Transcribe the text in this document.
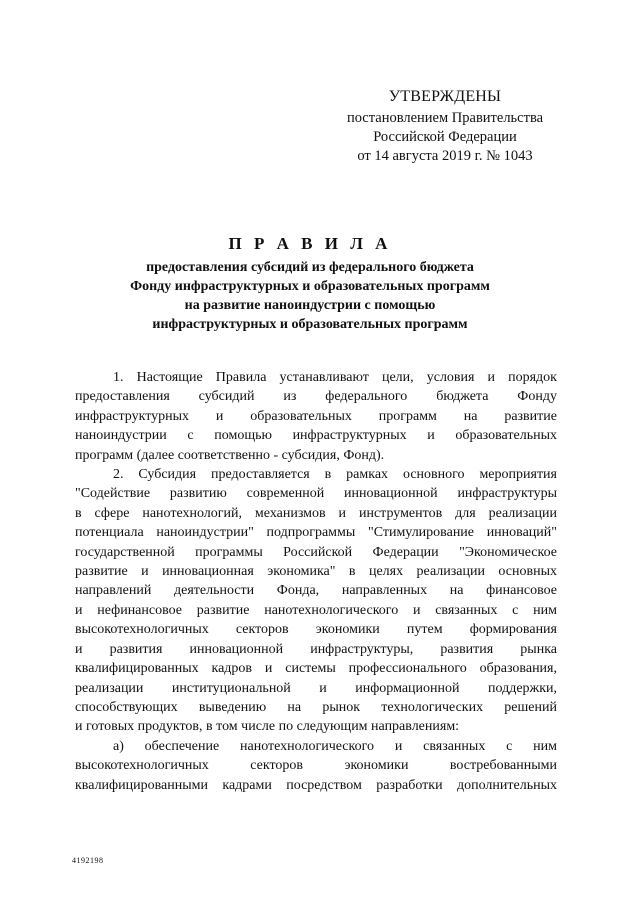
УТВЕРЖДЕНЫ
постановлением Правительства
Российской Федерации
от 14 августа 2019 г. № 1043
П Р А В И Л А
предоставления субсидий из федерального бюджета
Фонду инфраструктурных и образовательных программ
на развитие наноиндустрии с помощью
инфраструктурных и образовательных программ
1. Настоящие Правила устанавливают цели, условия и порядок
предоставления субсидий из федерального бюджета Фонду
инфраструктурных и образовательных программ на развитие
наноиндустрии с помощью инфраструктурных и образовательных
программ (далее соответственно - субсидия, Фонд).
2. Субсидия предоставляется в рамках основного мероприятия
"Содействие развитию современной инновационной инфраструктуры
в сфере нанотехнологий, механизмов и инструментов для реализации
потенциала наноиндустрии" подпрограммы "Стимулирование инноваций"
государственной программы Российской Федерации "Экономическое
развитие и инновационная экономика" в целях реализации основных
направлений деятельности Фонда, направленных на финансовое
и нефинансовое развитие нанотехнологического и связанных с ним
высокотехнологичных секторов экономики путем формирования
и развития инновационной инфраструктуры, развития рынка
квалифицированных кадров и системы профессионального образования,
реализации институциональной и информационной поддержки,
способствующих выведению на рынок технологических решений
и готовых продуктов, в том числе по следующим направлениям:
а) обеспечение нанотехнологического и связанных с ним
высокотехнологичных секторов экономики востребованными
квалифицированными кадрами посредством разработки дополнительных
4192198
